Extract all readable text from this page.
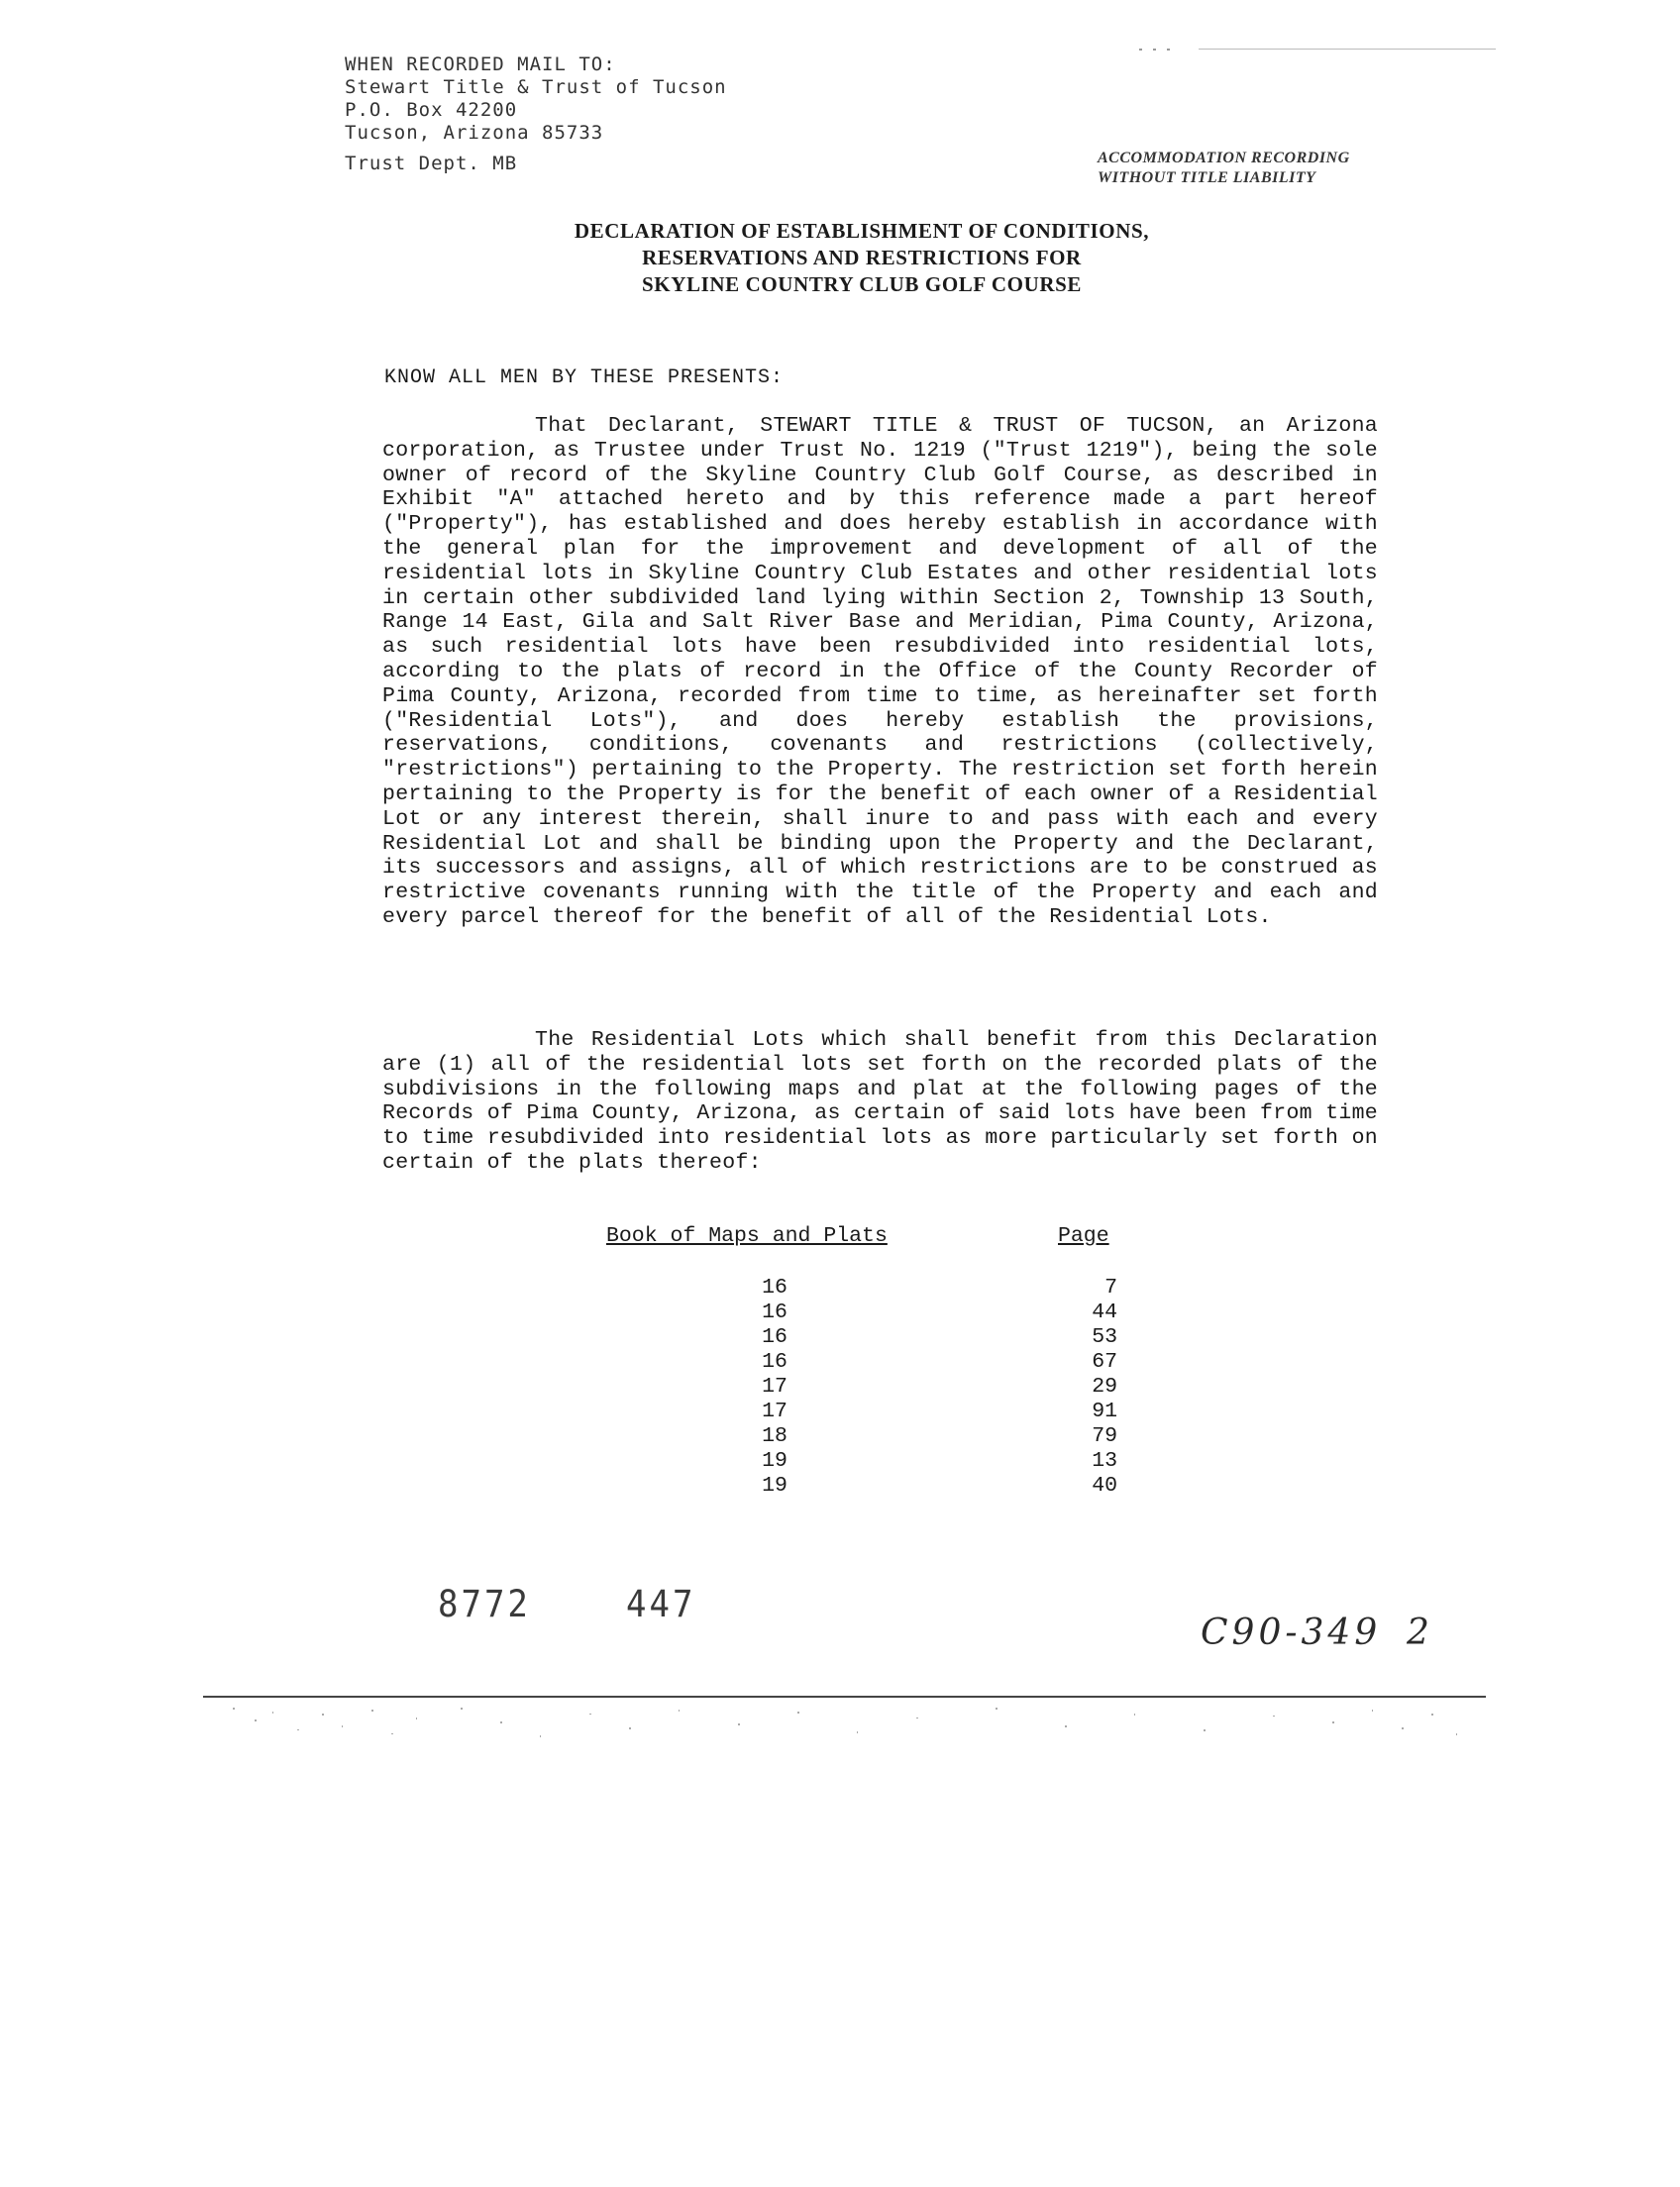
WHEN RECORDED MAIL TO:
Stewart Title & Trust of Tucson
P.O. Box 42200
Tucson, Arizona 85733
Trust Dept. MB	ACCOMMODATION RECORDING
WITHOUT TITLE LIABILITY
DECLARATION OF ESTABLISHMENT OF CONDITIONS,
RESERVATIONS AND RESTRICTIONS FOR
SKYLINE COUNTRY CLUB GOLF COURSE
KNOW ALL MEN BY THESE PRESENTS:
That Declarant, STEWART TITLE & TRUST OF TUCSON, an Arizona corporation, as Trustee under Trust No. 1219 ("Trust 1219"), being the sole owner of record of the Skyline Country Club Golf Course, as described in Exhibit "A" attached hereto and by this reference made a part hereof ("Property"), has established and does hereby establish in accordance with the general plan for the improvement and development of all of the residential lots in Skyline Country Club Estates and other residential lots in certain other subdivided land lying within Section 2, Township 13 South, Range 14 East, Gila and Salt River Base and Meridian, Pima County, Arizona, as such residential lots have been resubdivided into residential lots, according to the plats of record in the Office of the County Recorder of Pima County, Arizona, recorded from time to time, as hereinafter set forth ("Residential Lots"), and does hereby establish the provisions, reservations, conditions, covenants and restrictions (collectively, "restrictions") pertaining to the Property. The restriction set forth herein pertaining to the Property is for the benefit of each owner of a Residential Lot or any interest therein, shall inure to and pass with each and every Residential Lot and shall be binding upon the Property and the Declarant, its successors and assigns, all of which restrictions are to be construed as restrictive covenants running with the title of the Property and each and every parcel thereof for the benefit of all of the Residential Lots.
The Residential Lots which shall benefit from this Declaration are (1) all of the residential lots set forth on the recorded plats of the subdivisions in the following maps and plat at the following pages of the Records of Pima County, Arizona, as certain of said lots have been from time to time resubdivided into residential lots as more particularly set forth on certain of the plats thereof:
Book of Maps and Plats	Page
16	7
16	44
16	53
16	67
17	29
17	91
18	79
19	13
19	40
8772	447
C90-349 2
